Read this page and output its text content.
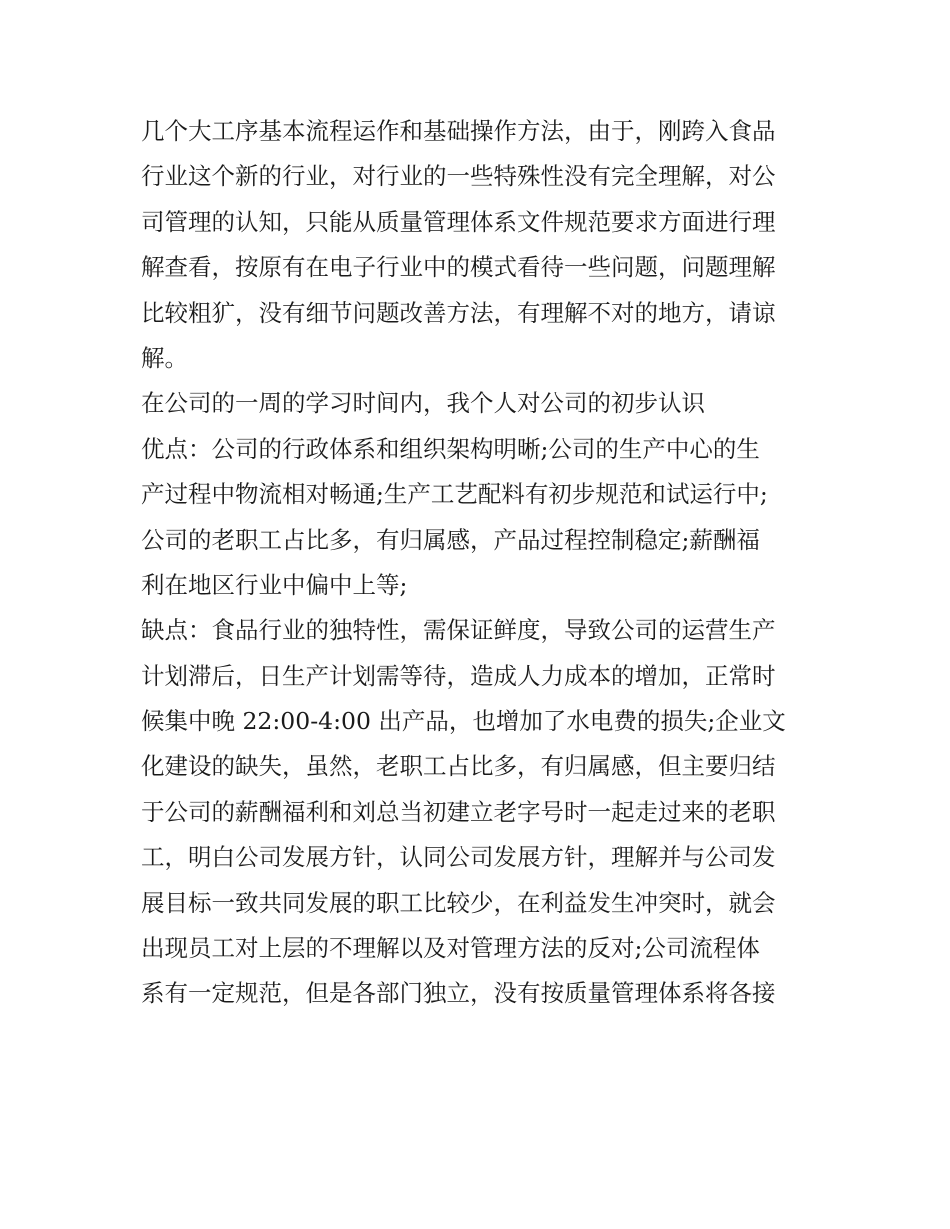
几个大工序基本流程运作和基础操作方法，由于，刚跨入食品
行业这个新的行业，对行业的一些特殊性没有完全理解，对公
司管理的认知，只能从质量管理体系文件规范要求方面进行理
解查看，按原有在电子行业中的模式看待一些问题，问题理解
比较粗犷，没有细节问题改善方法，有理解不对的地方，请谅
解。
在公司的一周的学习时间内，我个人对公司的初步认识
优点：公司的行政体系和组织架构明晰;公司的生产中心的生
产过程中物流相对畅通;生产工艺配料有初步规范和试运行中;
公司的老职工占比多，有归属感，产品过程控制稳定;薪酬福
利在地区行业中偏中上等;
缺点：食品行业的独特性，需保证鲜度，导致公司的运营生产
计划滞后，日生产计划需等待，造成人力成本的增加，正常时
候集中晚 22:00-4:00 出产品，也增加了水电费的损失;企业文
化建设的缺失，虽然，老职工占比多，有归属感，但主要归结
于公司的薪酬福利和刘总当初建立老字号时一起走过来的老职
工，明白公司发展方针，认同公司发展方针，理解并与公司发
展目标一致共同发展的职工比较少，在利益发生冲突时，就会
出现员工对上层的不理解以及对管理方法的反对;公司流程体
系有一定规范，但是各部门独立，没有按质量管理体系将各接
